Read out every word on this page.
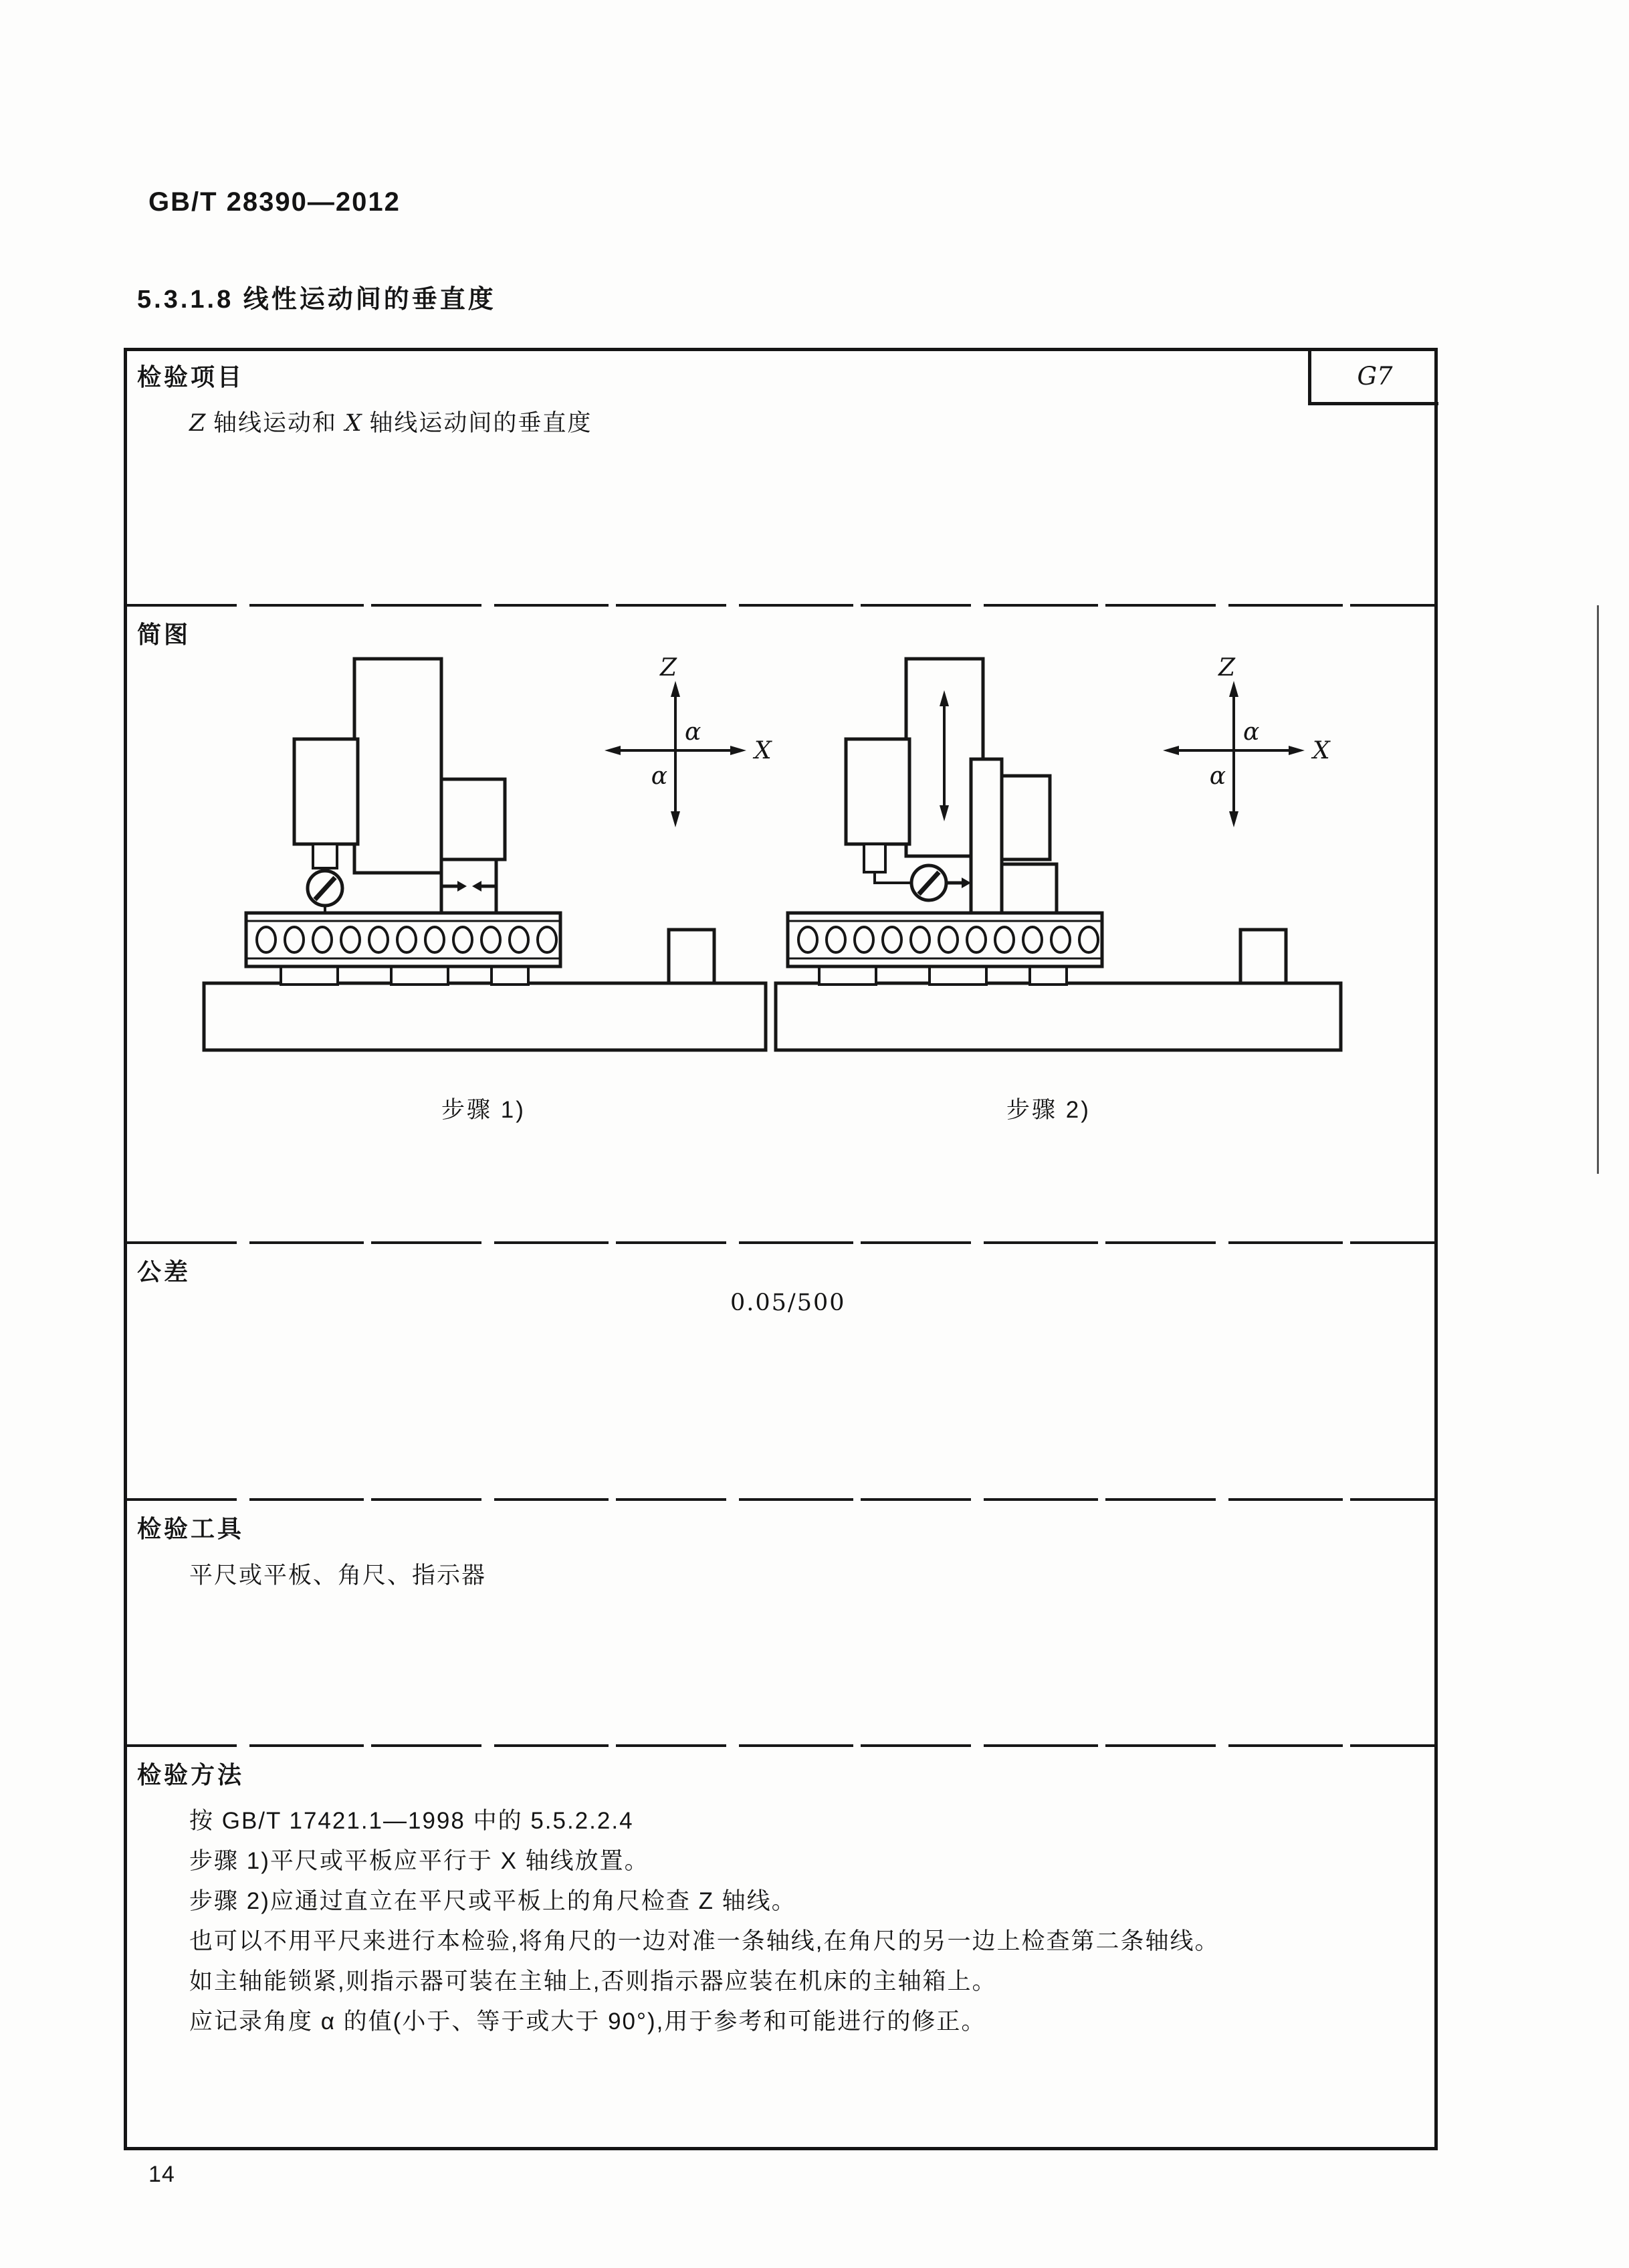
GB/T 28390—2012
5.3.1.8 线性运动间的垂直度
检验项目	G7
Z 轴线运动和 X 轴线运动间的垂直度
简图
Z
X
α
α
Z
X
α
α
步骤 1)	步骤 2)
公差
0.05/500
检验工具
平尺或平板、角尺、指示器
检验方法
按 GB/T 17421.1—1998 中的 5.5.2.2.4
步骤 1)平尺或平板应平行于 X 轴线放置。
步骤 2)应通过直立在平尺或平板上的角尺检查 Z 轴线。
也可以不用平尺来进行本检验,将角尺的一边对准一条轴线,在角尺的另一边上检查第二条轴线。
如主轴能锁紧,则指示器可装在主轴上,否则指示器应装在机床的主轴箱上。
应记录角度 α 的值(小于、等于或大于 90°),用于参考和可能进行的修正。
14
